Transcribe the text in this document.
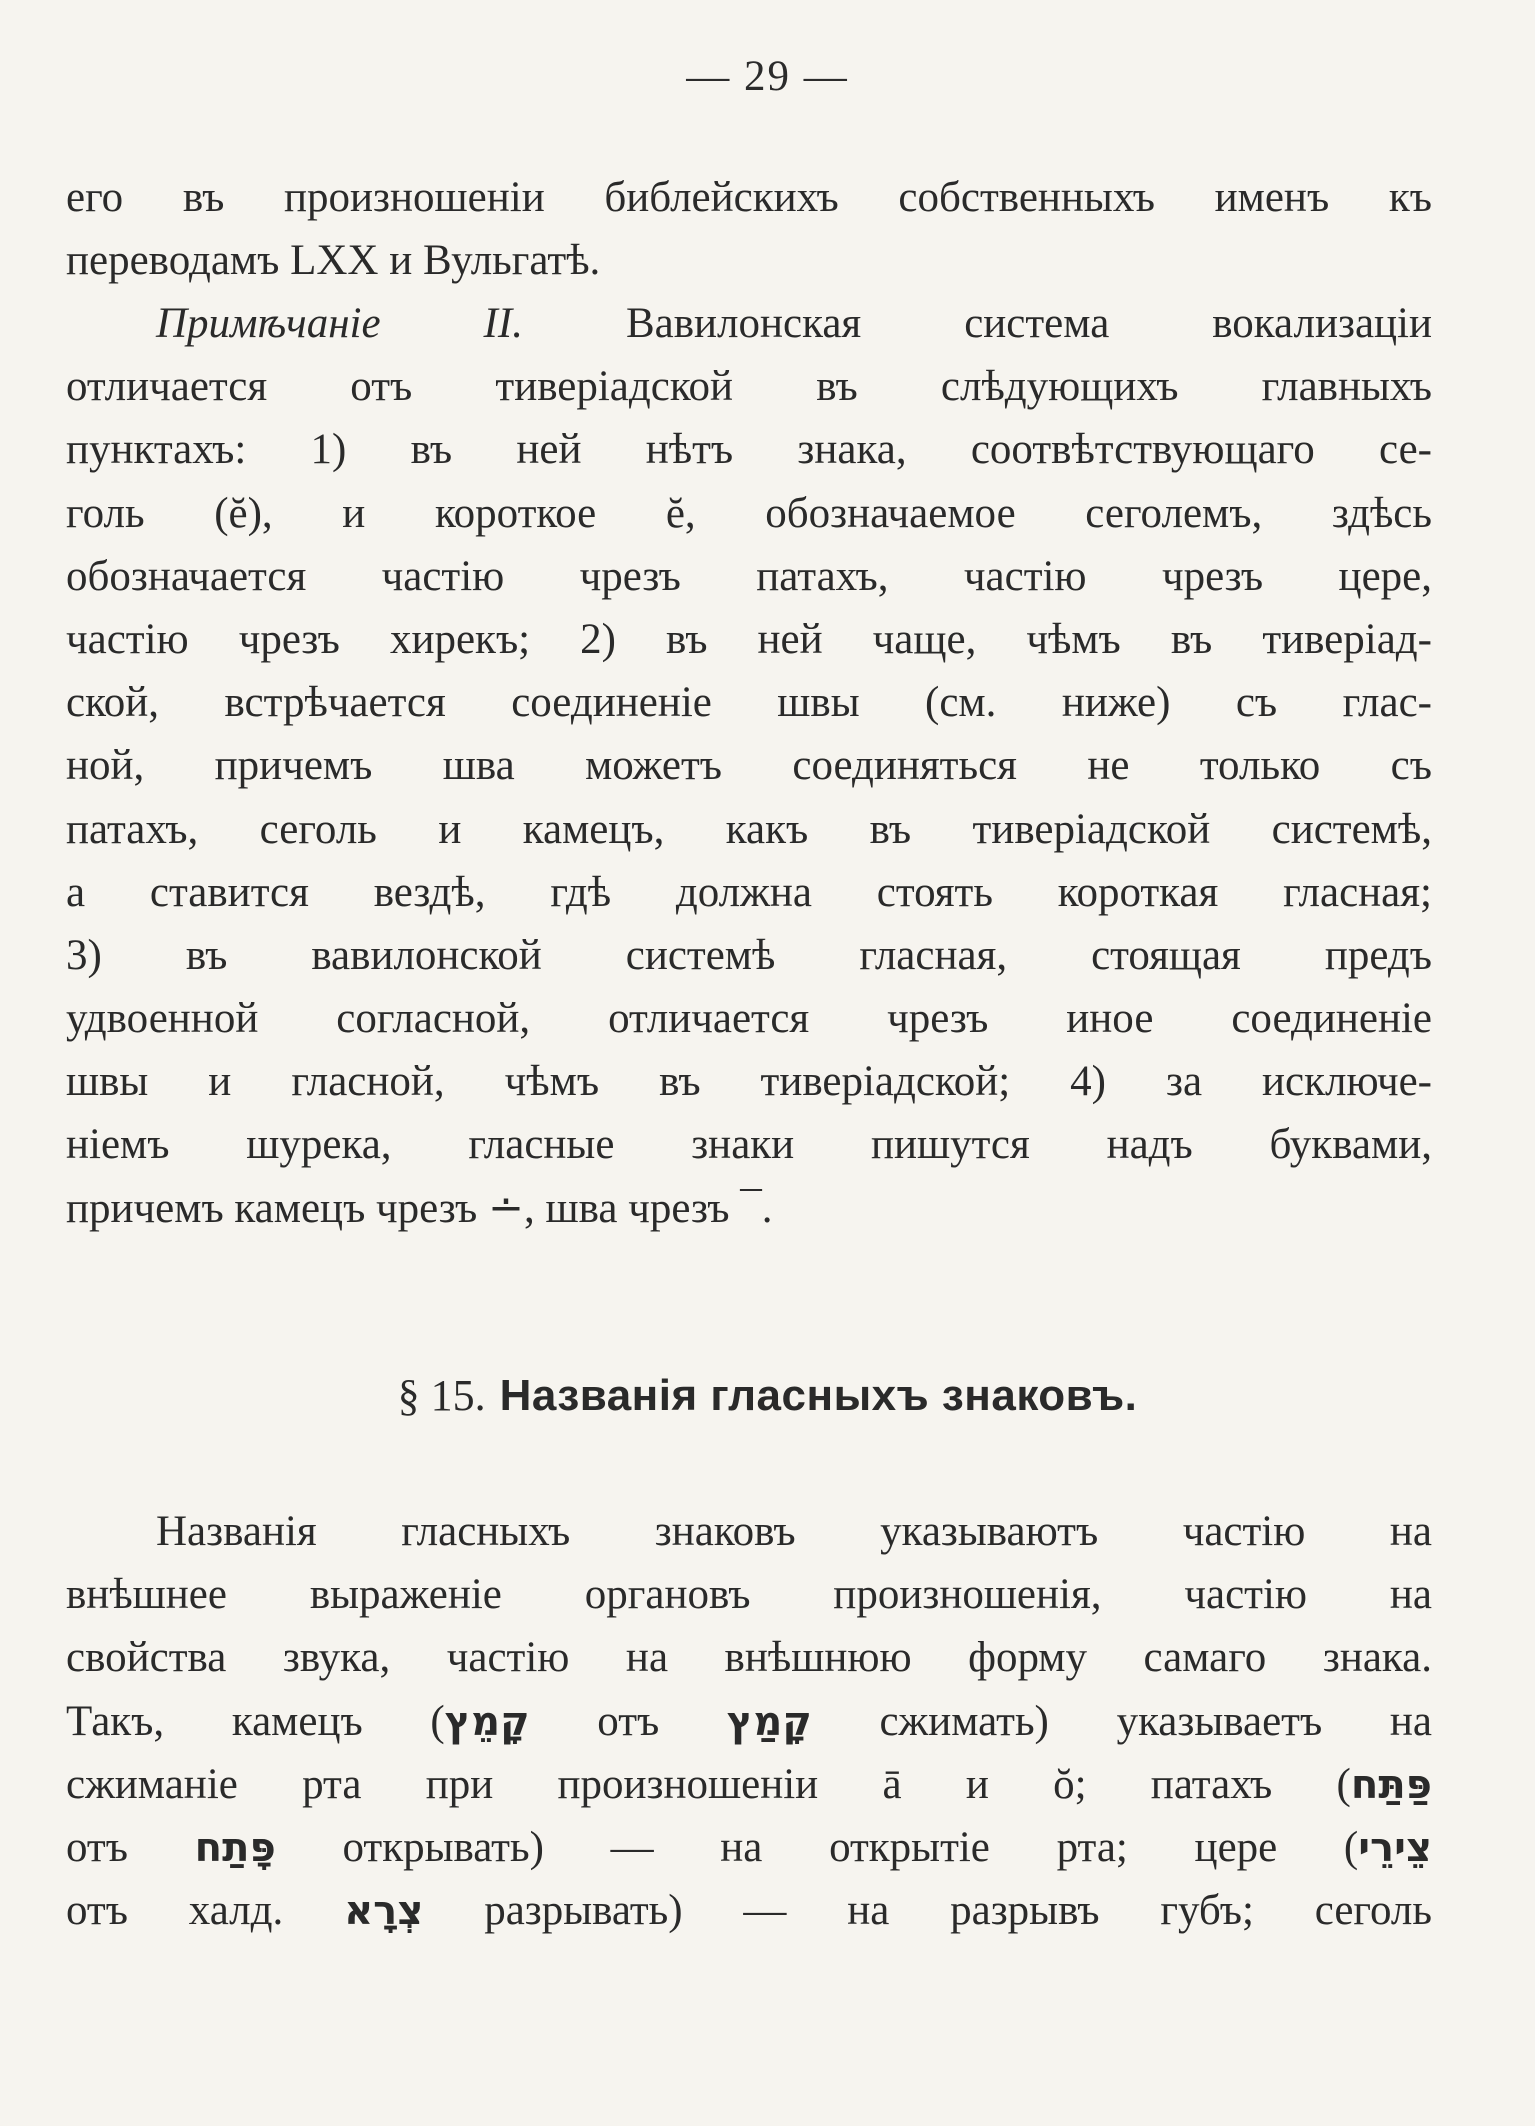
— 29 —
его въ произношеніи библейскихъ собственныхъ именъ къ
переводамъ LXX и Вульгатѣ.
Примѣчаніе II. Вавилонская система вокализаціи
отличается отъ тиверіадской въ слѣдующихъ главныхъ
пунктахъ: 1) въ ней нѣтъ знака, соотвѣтствующаго се-
голь (ĕ), и короткое ĕ, обозначаемое сеголемъ, здѣсь
обозначается частію чрезъ патахъ, частію чрезъ цере,
частію чрезъ хирекъ; 2) въ ней чаще, чѣмъ въ тиверіад-
ской, встрѣчается соединеніе швы (см. ниже) съ глас-
ной, причемъ шва можетъ соединяться не только съ
патахъ, сеголь и камецъ, какъ въ тиверіадской системѣ,
а ставится вездѣ, гдѣ должна стоять короткая гласная;
3) въ вавилонской системѣ гласная, стоящая предъ
удвоенной согласной, отличается чрезъ иное соединеніе
швы и гласной, чѣмъ въ тиверіадской; 4) за исключе-
ніемъ шурека, гласные знаки пишутся надъ буквами,
причемъ камецъ чрезъ ∸, шва чрезъ ¯.
§ 15. Названія гласныхъ знаковъ.
Названія гласныхъ знаковъ указываютъ частію на
внѣшнее выраженіе органовъ произношенія, частію на
свойства звука, частію на внѣшнюю форму самаго знака.
Такъ, камецъ (קָמֵץ отъ קָמַץ сжимать) указываетъ на
сжиманіе рта при произношеніи ā и ŏ; патахъ (פַּתַּח
отъ פָּתַח открывать) — на открытіе рта; цере (צֵירֵי
отъ халд. צְרָא разрывать) — на разрывъ губъ; сеголь
